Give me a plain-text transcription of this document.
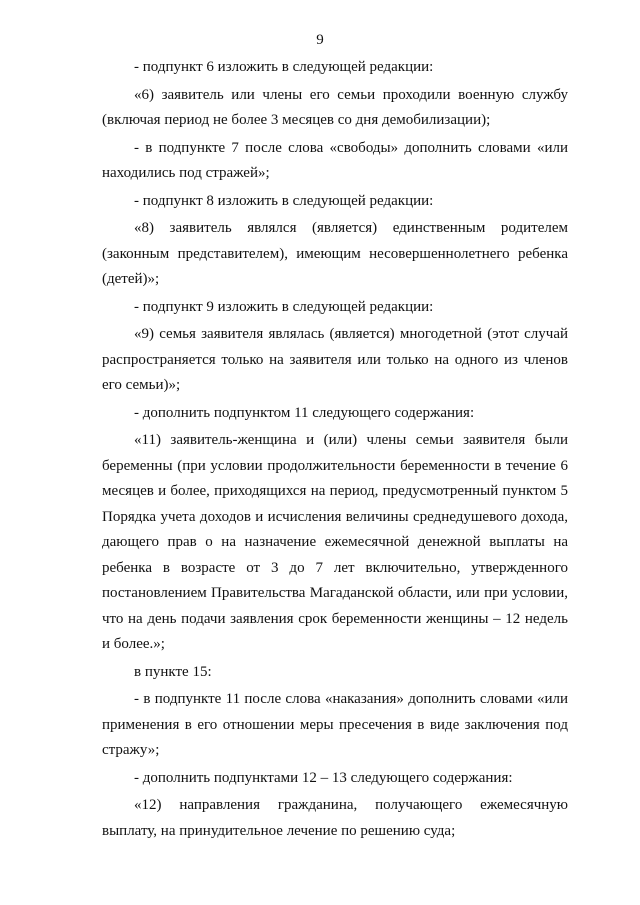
9

- подпункт 6 изложить в следующей редакции:

«6) заявитель или члены его семьи проходили военную службу (включая период не более 3 месяцев со дня демобилизации);

- в подпункте 7 после слова «свободы» дополнить словами «или находились под стражей»;

- подпункт 8 изложить в следующей редакции:

«8) заявитель являлся (является) единственным родителем (законным представителем), имеющим несовершеннолетнего ребенка (детей)»;

- подпункт 9 изложить в следующей редакции:

«9) семья заявителя являлась (является) многодетной (этот случай распространяется только на заявителя или только на одного из членов его семьи)»;

- дополнить подпунктом 11 следующего содержания:

«11) заявитель-женщина и (или) члены семьи заявителя были беременны (при условии продолжительности беременности в течение 6 месяцев и более, приходящихся на период, предусмотренный пунктом 5 Порядка учета доходов и исчисления величины среднедушевого дохода, дающего прав о на назначение ежемесячной денежной выплаты на ребенка в возрасте от 3 до 7 лет включительно, утвержденного постановлением Правительства Магаданской области, или при условии, что на день подачи заявления срок беременности женщины – 12 недель и более.»;

в пункте 15:

- в подпункте 11 после слова «наказания» дополнить словами «или применения в его отношении меры пресечения в виде заключения под стражу»;

- дополнить подпунктами 12 – 13 следующего содержания:

«12) направления гражданина, получающего ежемесячную выплату, на принудительное лечение по решению суда;
